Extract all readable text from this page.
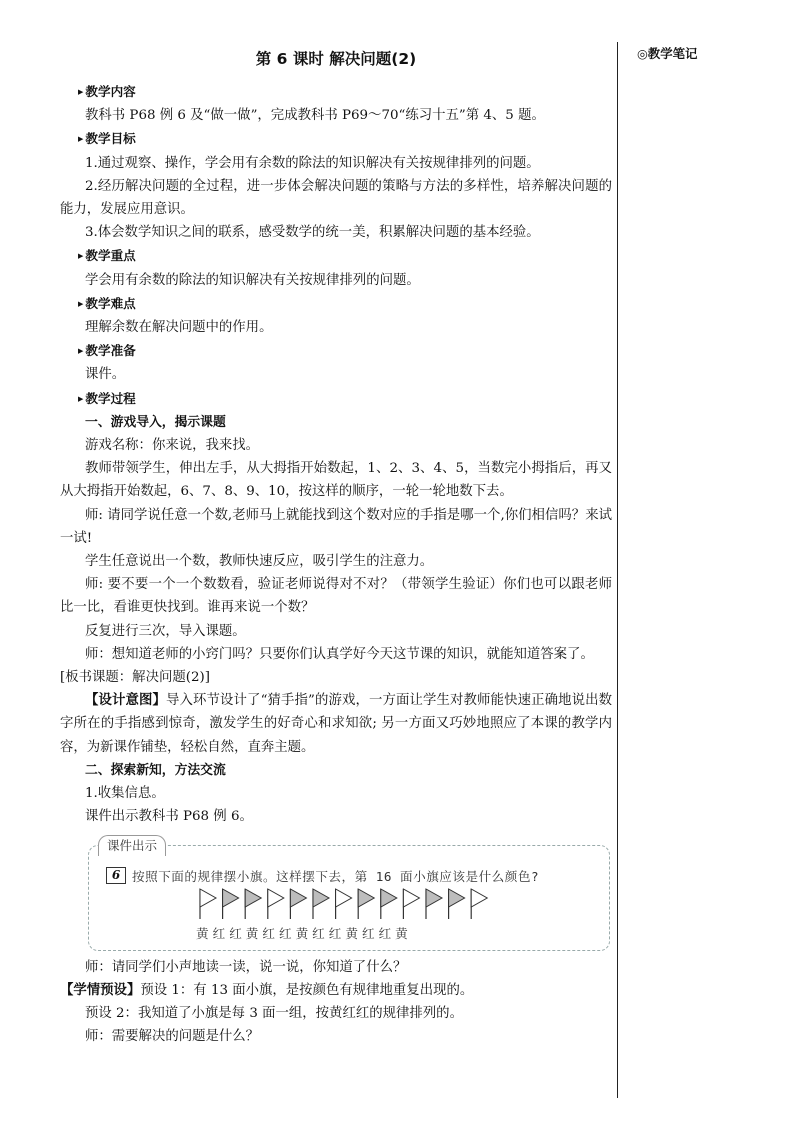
◎教学笔记
第 6 课时 解决问题(2)
▶ 教学内容

教科书 P68 例 6 及“做一做”，完成教科书 P69～70“练习十五”第 4、5 题。

▶ 教学目标

1.通过观察、操作，学会用有余数的除法的知识解决有关按规律排列的问题。

2.经历解决问题的全过程，进一步体会解决问题的策略与方法的多样性，培养解决问题的能力，发展应用意识。

3.体会数学知识之间的联系，感受数学的统一美，积累解决问题的基本经验。

▶ 教学重点

学会用有余数的除法的知识解决有关按规律排列的问题。

▶ 教学难点

理解余数在解决问题中的作用。

▶ 教学准备

课件。

▶ 教学过程
一、游戏导入，揭示课题

游戏名称：你来说，我来找。

教师带领学生，伸出左手，从大拇指开始数起，1、2、3、4、5，当数完小拇指后，再又从大拇指开始数起，6、7、8、9、10，按这样的顺序，一轮一轮地数下去。

师: 请同学说任意一个数,老师马上就能找到这个数对应的手指是哪一个,你们相信吗？来试一试!

学生任意说出一个数，教师快速反应，吸引学生的注意力。

师: 要不要一个一个数数看，验证老师说得对不对？（带领学生验证）你们也可以跟老师比一比，看谁更快找到。谁再来说一个数？

反复进行三次，导入课题。

师：想知道老师的小窍门吗？只要你们认真学好今天这节课的知识，就能知道答案了。

[板书课题：解决问题(2)]

【设计意图】导入环节设计了“猜手指”的游戏，一方面让学生对教师能快速正确地说出数字所在的手指感到惊奇，激发学生的好奇心和求知欲; 另一方面又巧妙地照应了本课的教学内容，为新课作铺垫，轻松自然，直奔主题。

二、探索新知，方法交流

1.收集信息。

课件出示教科书 P68 例 6。

课件出示
6 按照下面的规律摆小旗。这样摆下去，第 16 面小旗应该是什么颜色?
黄 红 红 黄 红 红 黄 红 红 黄 红 红 黄

师：请同学们小声地读一读，说一说，你知道了什么？

【学情预设】预设 1：有 13 面小旗，是按颜色有规律地重复出现的。

预设 2：我知道了小旗是每 3 面一组，按黄红红的规律排列的。

师：需要解决的问题是什么？
